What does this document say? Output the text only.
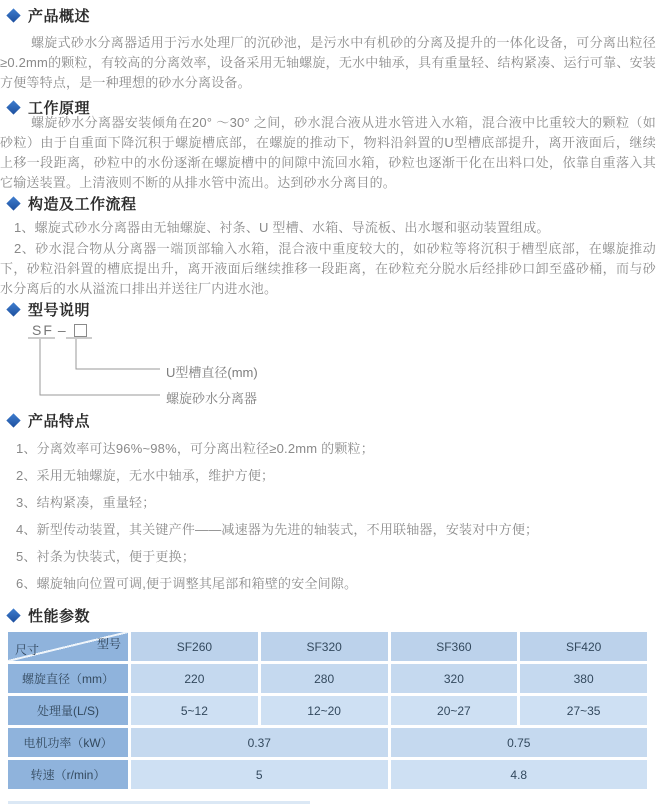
产品概述
螺旋式砂水分离器适用于污水处理厂的沉砂池，是污水中有机砂的分离及提升的一体化设备，可分离出粒径≥0.2mm的颗粒，有较高的分离效率，设备采用无轴螺旋，无水中轴承，具有重量轻、结构紧凑、运行可靠、安装方便等特点，是一种理想的砂水分离设备。
工作原理
螺旋砂水分离器安装倾角在20° ～30° 之间，砂水混合液从进水管进入水箱，混合液中比重较大的颗粒（如砂粒）由于自重面下降沉积于螺旋槽底部，在螺旋的推动下，物料沿斜置的U型槽底部提升，离开液面后，继续上移一段距离，砂粒中的水份逐渐在螺旋槽中的间隙中流回水箱，砂粒也逐渐干化在出料口处，依靠自重落入其它输送装置。上清液则不断的从排水管中流出。达到砂水分离目的。
构造及工作流程
1、螺旋式砂水分离器由无轴螺旋、衬条、U 型槽、水箱、导流板、出水堰和驱动装置组成。
2、砂水混合物从分离器一端顶部输入水箱，混合液中重度较大的，如砂粒等将沉积于槽型底部，在螺旋推动下，砂粒沿斜置的槽底提出升，离开液面后继续推移一段距离，在砂粒充分脱水后经排砂口卸至盛砂桶，而与砂水分离后的水从溢流口排出并送往厂内进水池。
型号说明
SF –
U型槽直径(mm)
螺旋砂水分离器
产品特点
1、分离效率可达96%~98%，可分离出粒径≥0.2mm 的颗粒；
2、采用无轴螺旋，无水中轴承，维护方便；
3、结构紧凑，重量轻；
4、新型传动装置，其关键产件——减速器为先进的轴装式，不用联轴器，安装对中方便；
5、衬条为快装式，便于更换；
6、螺旋轴向位置可调,便于调整其尾部和箱壁的安全间隙。
性能参数
型号
尺寸	SF260	SF320	SF360	SF420
螺旋直径（mm）	220	280	320	380
处理量(L/S)	5~12	12~20	20~27	27~35
电机功率（kW）	0.37		0.75	
转速（r/min）	5		4.8	
